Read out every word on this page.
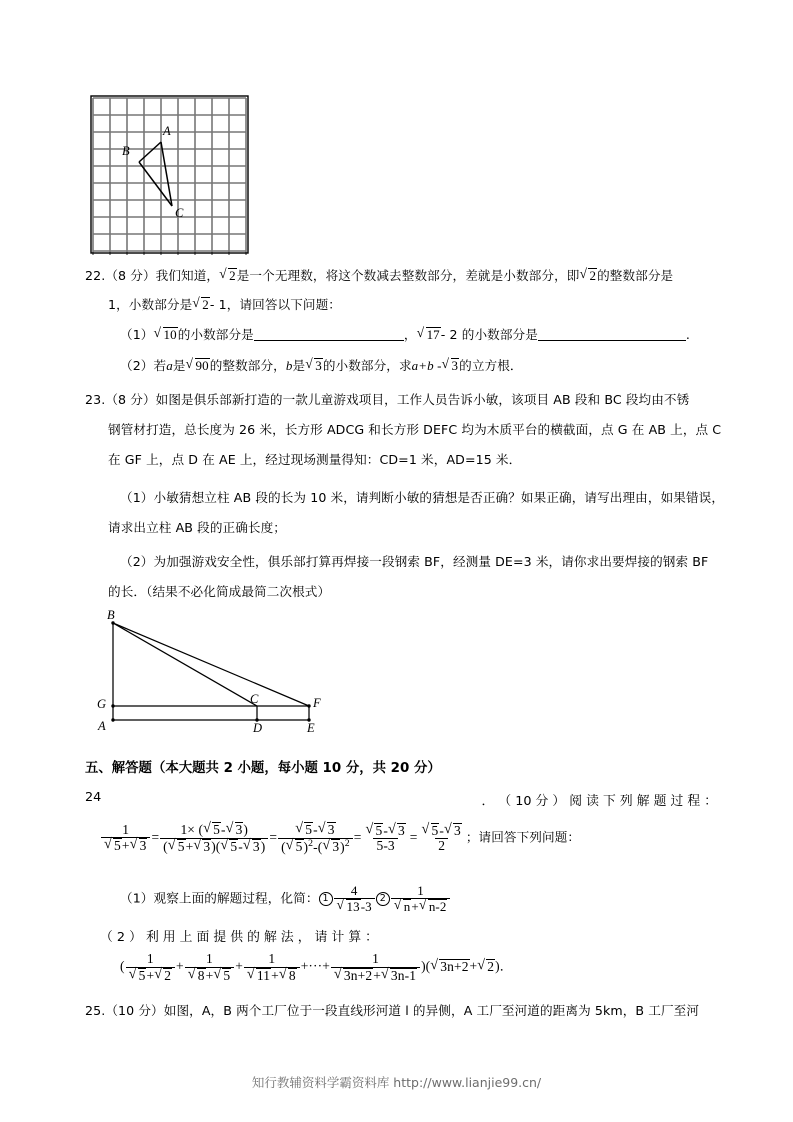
A
B
C
22.（8 分）我们知道， √ 2是一个无理数，将这个数减去整数部分，差就是小数部分，即 √ 2的整数部分是
1，小数部分是 √ 2- 1，请回答以下问题：
（1） √ 10的小数部分是	， √ 17- 2 的小数部分是	.
（2）若a是 √ 90的整数部分，b是 √ 3的小数部分，求a+b - √ 3的立方根．
23.（8 分）如图是俱乐部新打造的一款儿童游戏项目，工作人员告诉小敏，该项目 AB 段和 BC 段均由不锈
钢管材打造，总长度为 26 米，长方形 ADCG 和长方形 DEFC 均为木质平台的横截面，点 G 在 AB 上，点 C
在 GF 上，点 D 在 AE 上，经过现场测量得知：CD=1 米，AD=15 米．
（1）小敏猜想立柱 AB 段的长为 10 米，请判断小敏的猜想是否正确？如果正确，请写出理由，如果错误，
请求出立柱 AB 段的正确长度；
（2）为加强游戏安全性，俱乐部打算再焊接一段钢索 BF，经测量 DE=3 米，请你求出要焊接的钢索 BF
的长．（结果不必化简成最简二次根式）
B
G
A
C
D
F
E
五、解答题（本大题共 2 小题，每小题 10 分，共 20 分）
24	． （ 10 分 ） 阅 读 下 列 解 题 过 程 ：
1
√ 5+ √ $3 = \frac{1\times ( √ 5- √ 3)}{( √ 5+ √ 3)( √ 5- √ 3)}$ = √ $\frac{5- √ 3}{( √ 5)^2-( √ 3)^2}$ = √ $\frac{5- √ 3}{5-3}$ = √ $\frac{5- √ 3}{2}$ ；请回答下列问题：
（1）观察上面的解题过程，化简： 1 4
√ 13-3 2 1
√ n+ √ n-2
（ 2 ） 利 用 上 面 提 供 的 解 法 ， 请 计 算 ：
( 1
√ 5+ √ 2 + 1
√ 8+ √ 5 + 1
√ 11+ √ 8 +···+ 1
√ 3n+2+ √ 3n-1 )( √ 3n+2+ √ 2)．
25.（10 分）如图，A，B 两个工厂位于一段直线形河道 l 的异侧，A 工厂至河道的距离为 5km，B 工厂至河
知行教辅资料学霸资料库 http://www.lianjie99.cn/
